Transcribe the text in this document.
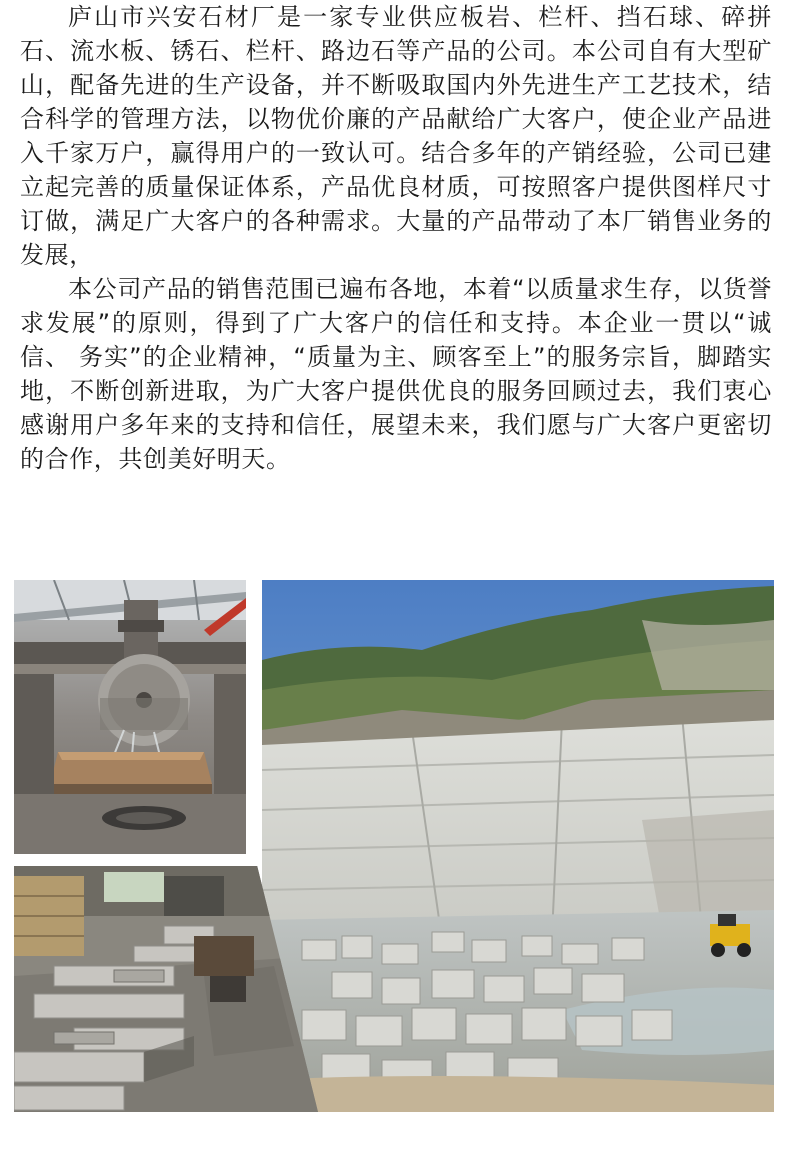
庐山市兴安石材厂是一家专业供应板岩、栏杆、挡石球、碎拼石、流水板、锈石、栏杆、路边石等产品的公司。本公司自有大型矿山，配备先进的生产设备，并不断吸取国内外先进生产工艺技术，结合科学的管理方法，以物优价廉的产品献给广大客户，使企业产品进入千家万户，赢得用户的一致认可。结合多年的产销经验，公司已建立起完善的质量保证体系，产品优良材质，可按照客户提供图样尺寸订做，满足广大客户的各种需求。大量的产品带动了本厂销售业务的发展，

本公司产品的销售范围已遍布各地，本着“以质量求生存，以货誉求发展”的原则，得到了广大客户的信任和支持。本企业一贯以“诚信、 务实”的企业精神，“质量为主、顾客至上”的服务宗旨，脚踏实地，不断创新进取，为广大客户提供优良的服务回顾过去，我们衷心感谢用户多年来的支持和信任，展望未来，我们愿与广大客户更密切的合作，共创美好明天。
